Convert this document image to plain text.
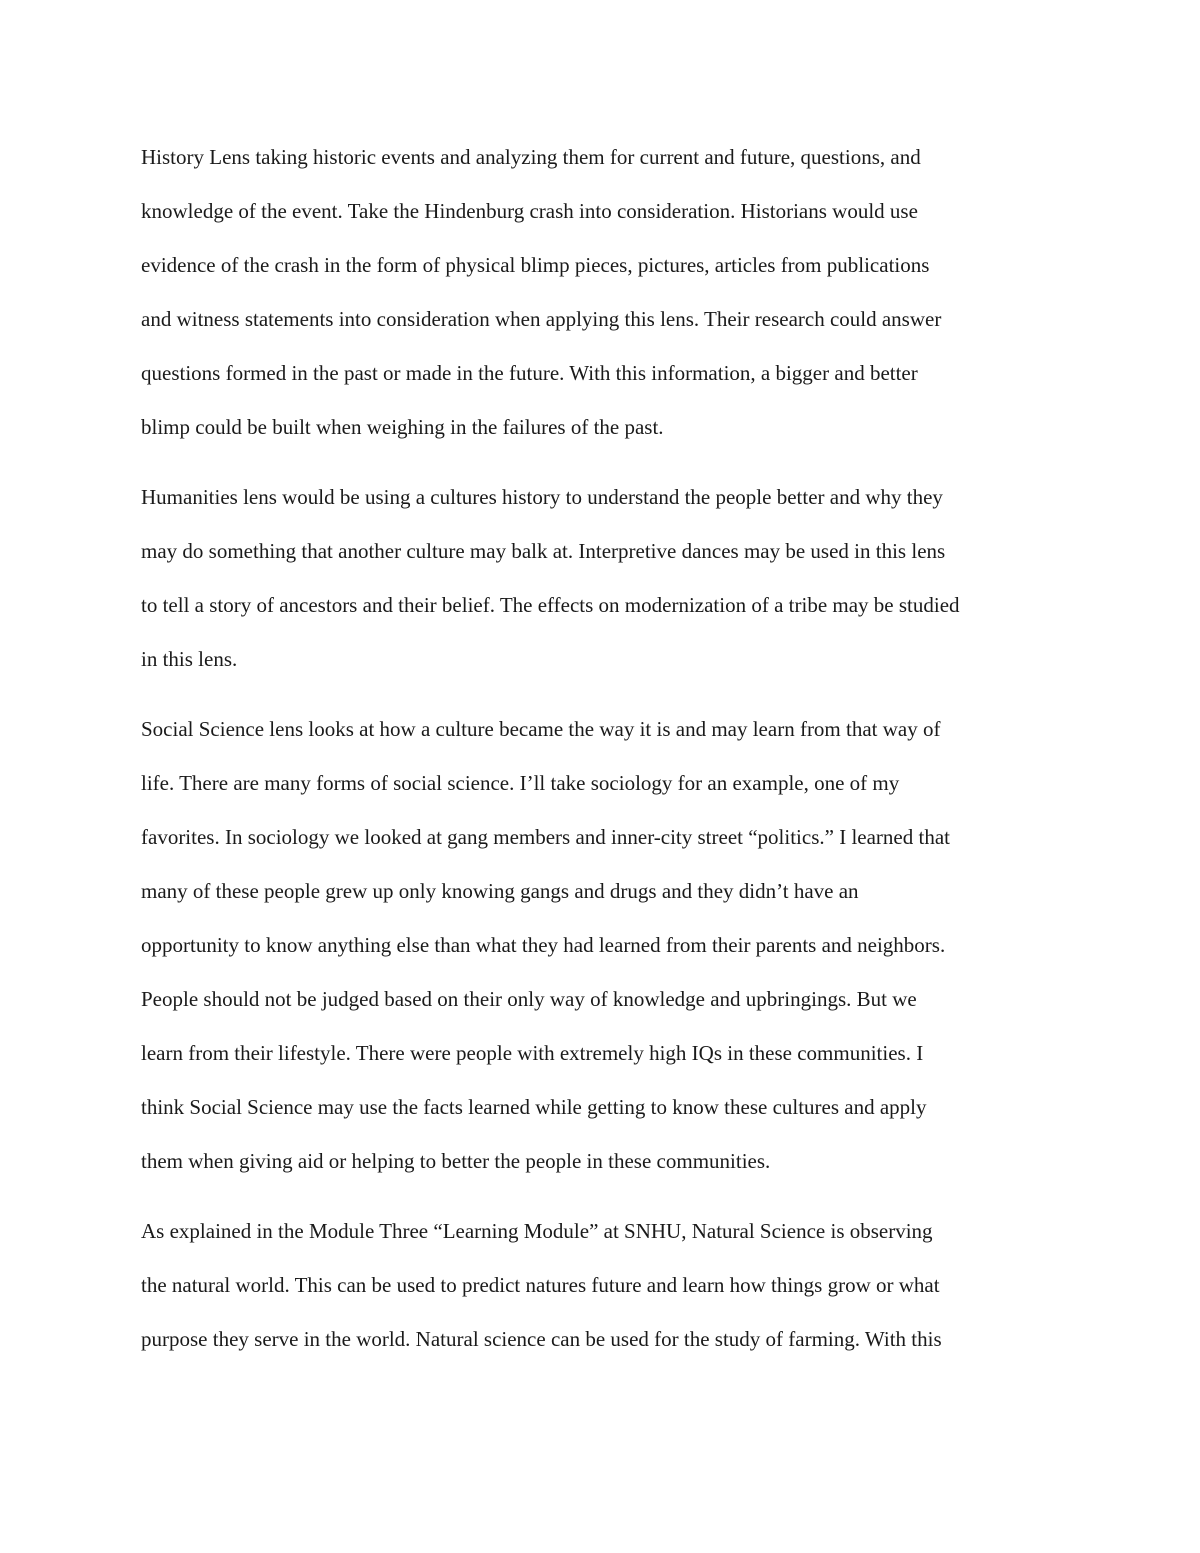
History Lens taking historic events and analyzing them for current and future, questions, and
knowledge of the event. Take the Hindenburg crash into consideration. Historians would use
evidence of the crash in the form of physical blimp pieces, pictures, articles from publications
and witness statements into consideration when applying this lens. Their research could answer
questions formed in the past or made in the future. With this information, a bigger and better
blimp could be built when weighing in the failures of the past.
Humanities lens would be using a cultures history to understand the people better and why they
may do something that another culture may balk at. Interpretive dances may be used in this lens
to tell a story of ancestors and their belief. The effects on modernization of a tribe may be studied
in this lens.
Social Science lens looks at how a culture became the way it is and may learn from that way of
life. There are many forms of social science. I’ll take sociology for an example, one of my
favorites. In sociology we looked at gang members and inner-city street “politics.” I learned that
many of these people grew up only knowing gangs and drugs and they didn’t have an
opportunity to know anything else than what they had learned from their parents and neighbors.
People should not be judged based on their only way of knowledge and upbringings. But we
learn from their lifestyle. There were people with extremely high IQs in these communities. I
think Social Science may use the facts learned while getting to know these cultures and apply
them when giving aid or helping to better the people in these communities.
As explained in the Module Three “Learning Module” at SNHU, Natural Science is observing
the natural world. This can be used to predict natures future and learn how things grow or what
purpose they serve in the world. Natural science can be used for the study of farming. With this
